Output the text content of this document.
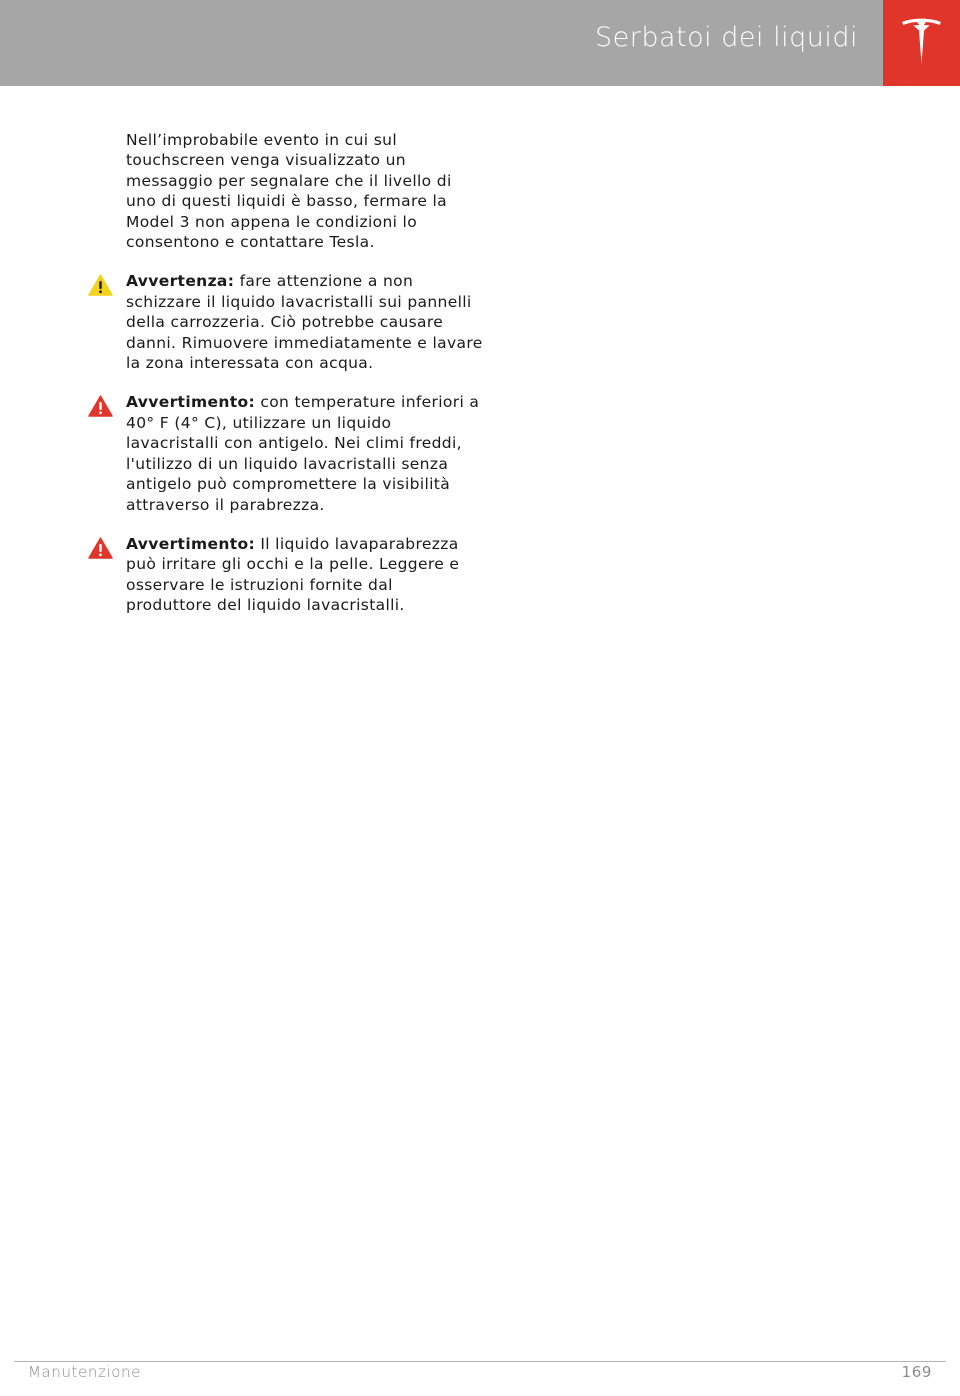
Serbatoi dei liquidi

Nell’improbabile evento in cui sul touchscreen venga visualizzato un messaggio per segnalare che il livello di uno di questi liquidi è basso, fermare la Model 3 non appena le condizioni lo consentono e contattare Tesla.

Avvertenza: fare attenzione a non schizzare il liquido lavacristalli sui pannelli della carrozzeria. Ciò potrebbe causare danni. Rimuovere immediatamente e lavare la zona interessata con acqua.

Avvertimento: con temperature inferiori a 40° F (4° C), utilizzare un liquido lavacristalli con antigelo. Nei climi freddi, l'utilizzo di un liquido lavacristalli senza antigelo può compromettere la visibilità attraverso il parabrezza.

Avvertimento: Il liquido lavaparabrezza può irritare gli occhi e la pelle. Leggere e osservare le istruzioni fornite dal produttore del liquido lavacristalli.

Manutenzione	169
